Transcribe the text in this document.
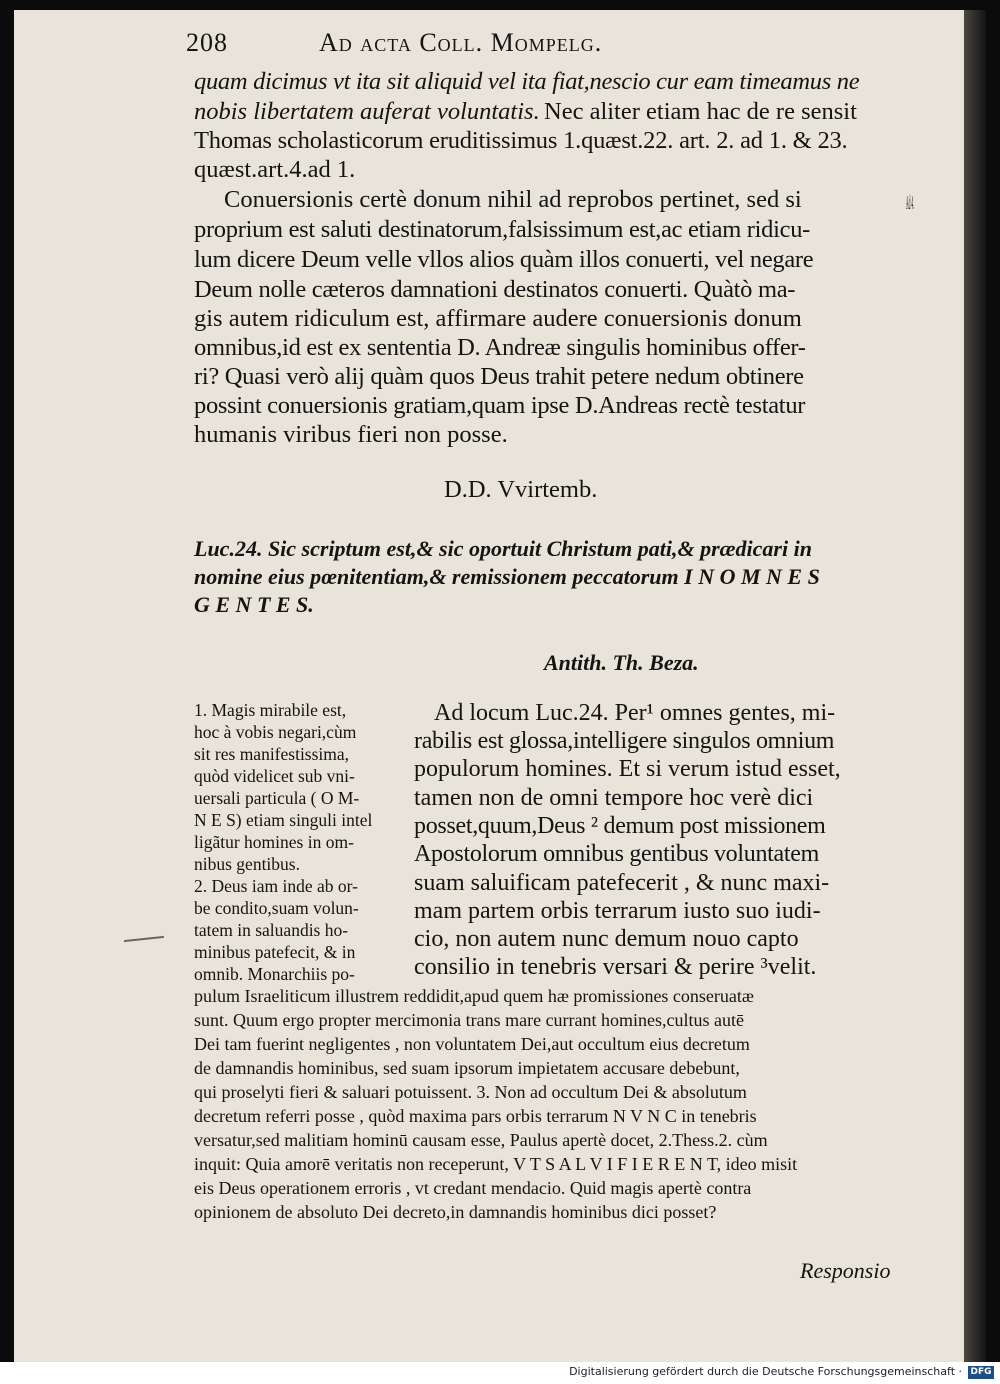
208	Ad acta Coll. Mompelg.
quam dicimus vt ita sit aliquid vel ita fiat,nescio cur eam timeamus ne
nobis libertatem auferat voluntatis. Nec aliter etiam hac de re sensit
Thomas scholasticorum eruditissimus 1.quæst.22. art. 2. ad 1. & 23.
quæst.art.4.ad 1.
Conuersionis certè donum nihil ad reprobos pertinet, sed si
proprium est saluti destinatorum,falsissimum est,ac etiam ridicu-
lum dicere Deum velle vllos alios quàm illos conuerti, vel negare
Deum nolle cæteros damnationi destinatos conuerti. Quàtò ma-
gis autem ridiculum est, affirmare audere conuersionis donum
omnibus,id est ex sententia D. Andreæ singulis hominibus offer-
ri? Quasi verò alij quàm quos Deus trahit petere nedum obtinere
possint conuersionis gratiam,quam ipse D.Andreas rectè testatur
humanis viribus fieri non posse.
Ad 4.
D.D. Vvirtemb.
Luc.24. Sic scriptum est,& sic oportuit Christum pati,& prædicari in
nomine eius pœnitentiam,& remissionem peccatorum I N O M N E S
G E N T E S.
Antith. Th. Beza.
1. Magis mirabile est,
hoc à vobis negari,cùm
sit res manifestissima,
quòd videlicet sub vni-
uersali particula ( O M-
N E S) etiam singuli intel
ligãtur homines in om-
nibus gentibus.
2. Deus iam inde ab or-
be condito,suam volun-
tatem in saluandis ho-
minibus patefecit, & in
omnib. Monarchiis po-
Ad locum Luc.24. Per¹ omnes gentes, mi-
rabilis est glossa,intelligere singulos omnium
populorum homines. Et si verum istud esset,
tamen non de omni tempore hoc verè dici
posset,quum,Deus ² demum post missionem
Apostolorum omnibus gentibus voluntatem
suam saluificam patefecerit , & nunc maxi-
mam partem orbis terrarum iusto suo iudi-
cio, non autem nunc demum nouo capto
consilio in tenebris versari & perire ³velit.
pulum Israeliticum illustrem reddidit,apud quem hæ promissiones conseruatæ
sunt. Quum ergo propter mercimonia trans mare currant homines,cultus autē
Dei tam fuerint negligentes , non voluntatem Dei,aut occultum eius decretum
de damnandis hominibus, sed suam ipsorum impietatem accusare debebunt,
qui proselyti fieri & saluari potuissent. 3. Non ad occultum Dei & absolutum
decretum referri posse , quòd maxima pars orbis terrarum N V N C in tenebris
versatur,sed malitiam hominū causam esse, Paulus apertè docet, 2.Thess.2. cùm
inquit: Quia amorē veritatis non receperunt, V T S A L V I F I E R E N T, ideo misit
eis Deus operationem erroris , vt credant mendacio. Quid magis apertè contra
opinionem de absoluto Dei decreto,in damnandis hominibus dici posset?
Responsio
Digitalisierung gefördert durch die Deutsche Forschungsgemeinschaft · DFG
